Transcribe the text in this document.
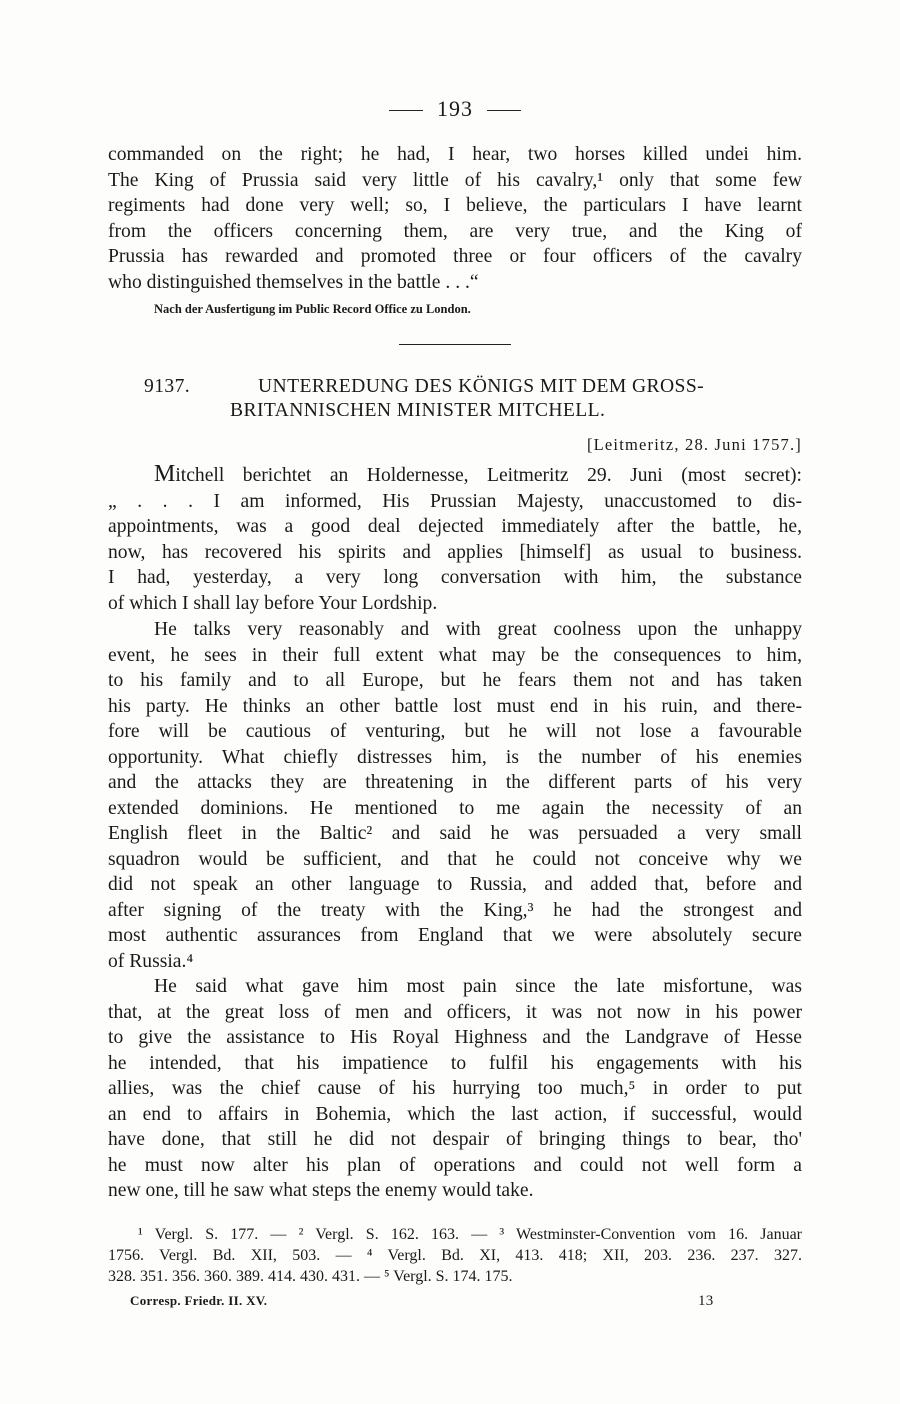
193

commanded on the right; he had, I hear, two horses killed undei him.

The King of Prussia said very little of his cavalry,¹ only that some few

regiments had done very well; so, I believe, the particulars I have learnt

from the officers concerning them, are very true, and the King of

Prussia has rewarded and promoted three or four officers of the cavalry

who distinguished themselves in the battle . . .“

Nach der Ausfertigung im Public Record Office zu London.
9137.	UNTERREDUNG DES KÖNIGS MIT DEM GROSS-
BRITANNISCHEN MINISTER MITCHELL.
[Leitmeritz, 28. Juni 1757.]

Mitchell berichtet an Holdernesse, Leitmeritz 29. Juni (most secret):

„ . . . I am informed, His Prussian Majesty, unaccustomed to dis-

appointments, was a good deal dejected immediately after the battle, he,

now, has recovered his spirits and applies [himself] as usual to business.

I had, yesterday, a very long conversation with him, the substance

of which I shall lay before Your Lordship.

He talks very reasonably and with great coolness upon the unhappy

event, he sees in their full extent what may be the consequences to him,

to his family and to all Europe, but he fears them not and has taken

his party. He thinks an other battle lost must end in his ruin, and there-

fore will be cautious of venturing, but he will not lose a favourable

opportunity. What chiefly distresses him, is the number of his enemies

and the attacks they are threatening in the different parts of his very

extended dominions. He mentioned to me again the necessity of an

English fleet in the Baltic² and said he was persuaded a very small

squadron would be sufficient, and that he could not conceive why we

did not speak an other language to Russia, and added that, before and

after signing of the treaty with the King,³ he had the strongest and

most authentic assurances from England that we were absolutely secure

of Russia.⁴

He said what gave him most pain since the late misfortune, was

that, at the great loss of men and officers, it was not now in his power

to give the assistance to His Royal Highness and the Landgrave of Hesse

he intended, that his impatience to fulfil his engagements with his

allies, was the chief cause of his hurrying too much,⁵ in order to put

an end to affairs in Bohemia, which the last action, if successful, would

have done, that still he did not despair of bringing things to bear, tho'

he must now alter his plan of operations and could not well form a

new one, till he saw what steps the enemy would take.

¹ Vergl. S. 177. — ² Vergl. S. 162. 163. — ³ Westminster-Convention vom 16. Januar

1756. Vergl. Bd. XII, 503. — ⁴ Vergl. Bd. XI, 413. 418; XII, 203. 236. 237. 327.

328. 351. 356. 360. 389. 414. 430. 431. — ⁵ Vergl. S. 174. 175.

Corresp. Friedr. II. XV.	13
